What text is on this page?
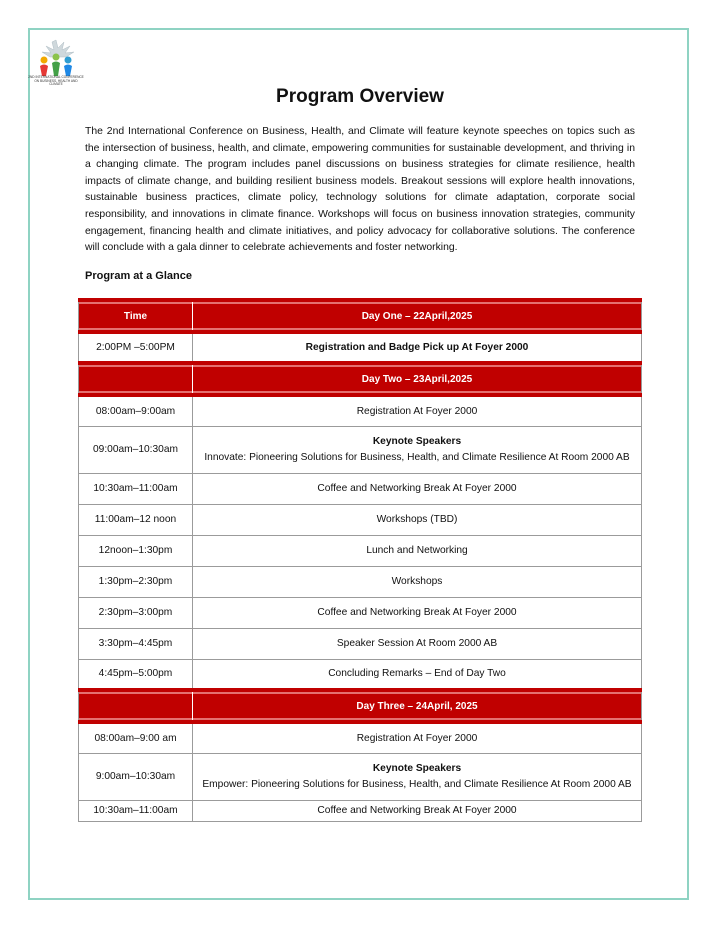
2ND INTERNATIONAL CONFERENCE ON BUSINESS, HEALTH AND CLIMATE
Program Overview

The 2nd International Conference on Business, Health, and Climate will feature keynote speeches on topics such as the intersection of business, health, and climate, empowering communities for sustainable development, and thriving in a changing climate. The program includes panel discussions on business strategies for climate resilience, health impacts of climate change, and building resilient business models. Breakout sessions will explore health innovations, sustainable business practices, climate policy, technology solutions for climate adaptation, corporate social responsibility, and innovations in climate finance. Workshops will focus on business innovation strategies, community engagement, financing health and climate initiatives, and policy advocacy for collaborative solutions. The conference will conclude with a gala dinner to celebrate achievements and foster networking.

Program at a Glance

Time	Day One – 22April,2025
2:00PM –5:00PM	Registration and Badge Pick up At Foyer 2000
	Day Two – 23April,2025
08:00am–9:00am	Registration At Foyer 2000
09:00am–10:30am	Keynote Speakers
Innovate: Pioneering Solutions for Business, Health, and Climate Resilience At Room 2000 AB

10:30am–11:00am	Coffee and Networking Break At Foyer 2000
11:00am–12 noon	Workshops (TBD)
12noon–1:30pm	Lunch and Networking
1:30pm–2:30pm	Workshops
2:30pm–3:00pm	Coffee and Networking Break At Foyer 2000
3:30pm–4:45pm	Speaker Session At Room 2000 AB
4:45pm–5:00pm	Concluding Remarks – End of Day Two
	Day Three – 24April, 2025
08:00am–9:00 am	Registration At Foyer 2000
9:00am–10:30am	Keynote Speakers
Empower: Pioneering Solutions for Business, Health, and Climate Resilience At Room 2000 AB

10:30am–11:00am	Coffee and Networking Break At Foyer 2000
